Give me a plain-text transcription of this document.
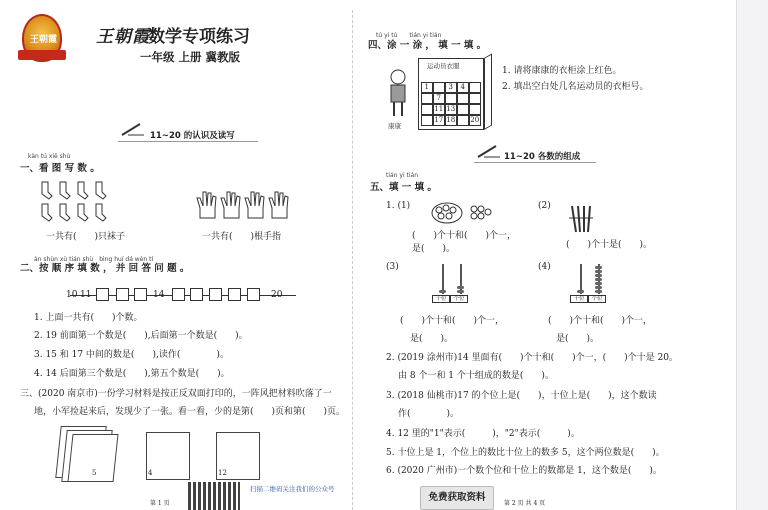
王朝霞 王朝霞
数学专项练习
一年级 上册 冀教版
11~20 的认识及读写
kàn tú xiě shù
一、看 图 写 数 。
一共有(　　)只袜子	一共有(　　)根手指
àn shùn xù tián shù　bìng huí dá wèn tí
二、按 顺 序 填 数 ， 并 回 答 问 题 。
10 11	14	20
1. 上面一共有(　　)个数。
2. 19 前面第一个数是(　　),后面第一个数是(　　)。
3. 15 和 17 中间的数是(　　),读作(　　　　)。
4. 14 后面第三个数是(　　),第五个数是(　　)。
三、(2020 南京市)一份学习材料是按正反双面打印的，一阵风把材料吹落了一
地，小军捡起来后，发现少了一张。看一看，少的是第(　　)页和第(　　)页。
5	4	12
第 1 页
扫描二维码关注我们的公众号
tú yi tú　　tián yi tián
四、涂 一 涂 ， 填 一 填 。
康康
运动员衣服
1	3	4
7
11 13
17 18 20
1. 请将康康的衣柜涂上红色。
2. 填出空白处几名运动员的衣柜号。
11~20 各数的组成
tián yi tián
五、填 一 填 。
1. (1)
(　　)个十和(　　)个一，
是(　　)。
(2)
(　　)个十是(　　)。
(3)
十位	个位
(　　)个十和(　　)个一，
是(　　)。
(4)
十位	个位
(　　)个十和(　　)个一，
是(　　)。
2. (2019 涂州市)14 里面有(　　)个十和(　　)个一，(　　)个十是 20。
由 8 个一和 1 个十组成的数是(　　)。
3. (2018 仙桃市)17 的个位上是(　　)，十位上是(　　)，这个数读
作(　　　　)。
4. 12 里的"1"表示(　　　)，"2"表示(　　　)。
5. 十位上是 1，个位上的数比十位上的数多 5，这个两位数是(　　)。
6. (2020 广州市)一个数个位和十位上的数都是 1，这个数是(　　)。
免费获取资料
第 2 页 共 4 页
